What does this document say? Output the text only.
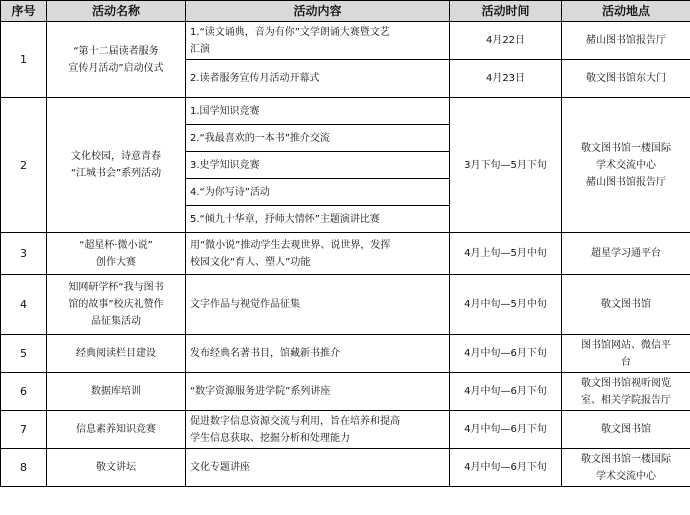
序号	活动名称	活动内容	活动时间	活动地点
1	“第十二届读者服务
宣传月活动”启动仪式	1.“读文诵典，音为有你”文学朗诵大赛暨文艺
汇演	4月22日	赭山图书馆报告厅
		2.读者服务宣传月活动开幕式	4月23日	敬文图书馆东大门
2	文化校园，诗意青春
“江城书会”系列活动	1.国学知识竞赛	3月下旬—5月下旬	敬文图书馆一楼国际
学术交流中心
赭山图书馆报告厅
		2.“我最喜欢的一本书”推介交流		
		3.史学知识竞赛		
		4.“为你写诗”活动		
		5.“倾九十华章，抒师大情怀”主题演讲比赛		
3	“超星杯·微小说”
创作大赛	用“微小说”推动学生去观世界、说世界，发挥
校园文化“育人、塑人”功能	4月上旬—5月中旬	超星学习通平台
4	知网研学杯“我与图书
馆的故事”校庆礼赞作
品征集活动	文字作品与视觉作品征集	4月中旬—5月中旬	敬文图书馆
5	经典阅读栏目建设	发布经典名著书目，馆藏新书推介	4月中旬—6月下旬	图书馆网站、微信平
台
6	数据库培训	“数字资源服务进学院”系列讲座	4月中旬—6月下旬	敬文图书馆视听阅览
室、相关学院报告厅
7	信息素养知识竞赛	促进数字信息资源交流与利用，旨在培养和提高
学生信息获取、挖掘分析和处理能力	4月中旬—6月下旬	敬文图书馆
8	敬文讲坛	文化专题讲座	4月中旬—6月下旬	敬文图书馆一楼国际
学术交流中心
